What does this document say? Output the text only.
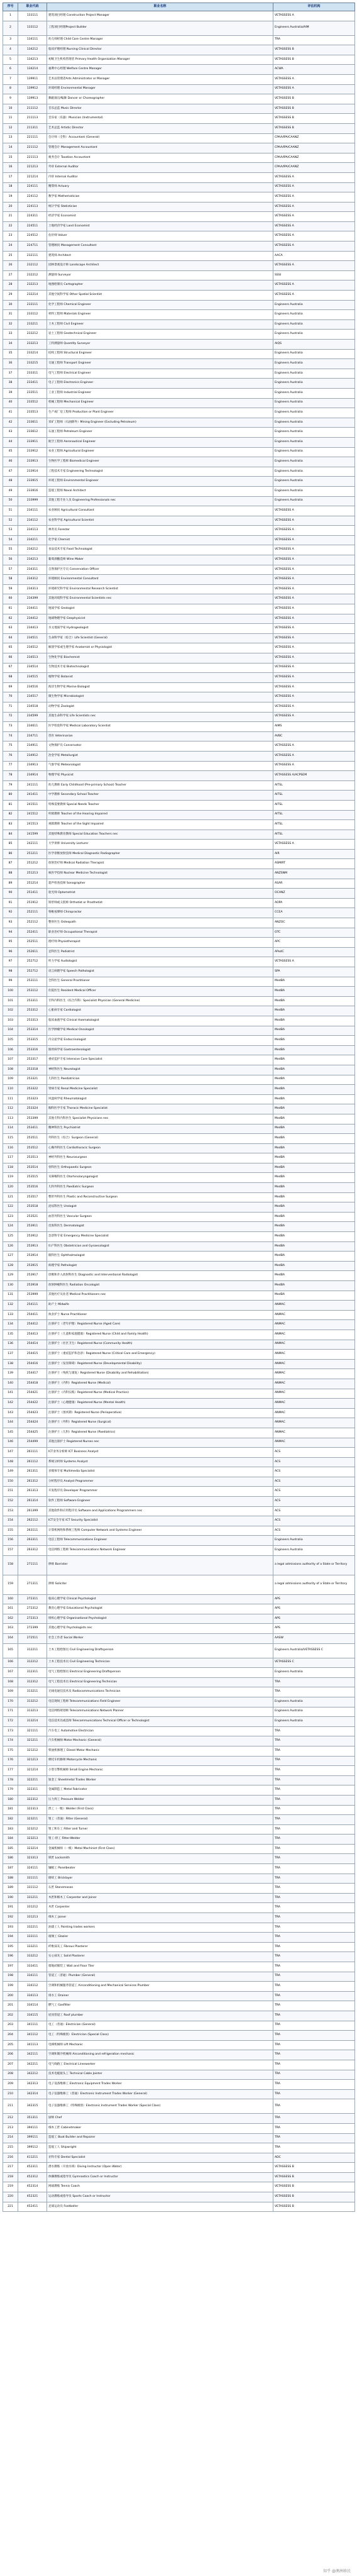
序号	职业代码	职业名称	评估机构
1	133111	建筑项目经理 Construction Project Manager	VETASSESS A
2	133112	工程项目经理Project Builder	Engineers Australia/AIM
3	134111	幼儿师经理 Child Care Centre Manager	TRA
4	134212	临床护理经理 Nursing Clinical Director	VETASSESS B
5	134213	初级卫生机构管理者 Primary Health Organisation Manager	VETASSESS B
6	134214	福利中心经理 Welfare Centre Manager	ACWA
7	139911	艺术品管理者Arts Administrator or Manager	VETASSESS A
8	139912	环境经理 Environmental Manager	VETASSESS A
9	139913	舞蹈演员/编舞 Dancer or Choreographer	VETASSESS B
10	211112	音乐总监 Music Director	VETASSESS B
11	211113	音乐家（乐器）Musician (Instrumental)	VETASSESS B
12	211311	艺术总监 Artistic Director	VETASSESS B
13	221111	会计师（全科）Accountant (General)	CPAA/IPA/CAANZ
14	221112	管理会计 Management Accountant	CPAA/IPA/CAANZ
15	221113	税务会计 Taxation Accountant	CPAA/IPA/CAANZ
16	221213	外审 External Auditor	CPAA/IPA/CAANZ
17	221214	内审 Internal Auditor	VETASSESS A
18	224111	精算师 Actuary	VETASSESS A
19	224112	数学家 Mathematician	VETASSESS A
20	224113	统计学家 Statistician	VETASSESS A
21	224311	经济学家 Economist	VETASSESS A
22	224511	土地经济学家 Land Economist	VETASSESS A
23	224512	估价师 Valuer	VETASSESS A
24	224711	管理顾问 Management Consultant	VETASSESS A
25	232111	建筑师 Architect	AACA
26	232112	园林景观设计师 Landscape Architect	VETASSESS A
27	232212	测量师 Surveyor	SSSI
28	232213	地图绘制员 Cartographer	VETASSESS A
29	232214	其他空间科学家 Other Spatial Scientist	VETASSESS A
30	233111	化学工程师 Chemical Engineer	Engineers Australia
31	233112	材料工程师 Materials Engineer	Engineers Australia
32	233211	土木工程师 Civil Engineer	Engineers Australia
33	233212	岩土工程师 Geotechnical Engineer	Engineers Australia
34	233213	工料测量师 Quantity Surveyor	AIQS
35	233214	结构工程师 Structural Engineer	Engineers Australia
36	233215	交通工程师 Transport Engineer	Engineers Australia
37	233311	电气工程师 Electrical Engineer	Engineers Australia
38	233411	电子工程师 Electronics Engineer	Engineers Australia
39	233511	工业工程师 Industrial Engineer	Engineers Australia
40	233512	机械工程师 Mechanical Engineer	Engineers Australia
41	233513	生产或厂房工程师 Production or Plant Engineer	Engineers Australia
42	233611	采矿工程师（石油除外）Mining Engineer (Excluding Petroleum)	Engineers Australia
43	233612	石油工程师 Petroleum Engineer	Engineers Australia
44	233911	航空工程师 Aeronautical Engineer	Engineers Australia
45	233912	农业工程师 Agricultural Engineer	Engineers Australia
46	233913	生物医学工程师 Biomedical Engineer	Engineers Australia
47	233914	工程技术专家 Engineering Technologist	Engineers Australia
48	233915	环境工程师 Environmental Engineer	Engineers Australia
49	233916	造船工程师 Naval Architect	Engineers Australia
50	233999	其他工程专业人员 Engineering Professionals nec	Engineers Australia
51	234111	农业顾问 Agricultural Consultant	VETASSESS A
52	234112	农业科学家 Agricultural Scientist	VETASSESS A
53	234113	林务员 Forester	VETASSESS A
54	234211	化学家 Chemist	VETASSESS A
55	234212	食品技术专家 Food Technologist	VETASSESS A
56	234213	葡萄酒酿造师 Wine Maker	VETASSESS A
57	234311	自然保护区专员 Conservation Officer	VETASSESS A
58	234312	环境顾问 Environmental Consultant	VETASSESS A
59	234313	环境研究科学家 Environmental Research Scientist	VETASSESS A
60	234399	其他环境科学家 Environmental Scientists nec	VETASSESS A
61	234411	地质学家 Geologist	VETASSESS A
62	234412	地球物理学家 Geophysicist	VETASSESS A
63	234413	水文地质学家 Hydrogeologist	VETASSESS A
64	234511	生命科学家（综合）Life Scientist (General)	VETASSESS A
65	234512	解剖学家或生理学家 Anatomist or Physiologist	VETASSESS A
66	234513	生物化学家 Biochemist	VETASSESS A
67	234514	生物技术专家 Biotechnologist	VETASSESS A
68	234515	植物学家 Botanist	VETASSESS A
69	234516	海洋生物学家 Marine Biologist	VETASSESS A
70	234517	微生物学家 Microbiologist	VETASSESS A
71	234518	动物学家 Zoologist	VETASSESS A
72	234599	其他生命科学家 Life Scientists nec	VETASSESS A
73	234611	医学检验科学家 Medical Laboratory Scientist	AIMS
74	234711	兽医 Veterinarian	AVBC
75	234911	文物保护员 Conservator	VETASSESS A
76	234912	冶金学家 Metallurgist	VETASSESS A
77	234913	气象学家 Meteorologist	VETASSESS A
78	234914	物理学家 Physicist	VETASSESS A/ACPSEM
79	241111	幼儿教师 Early Childhood (Pre-primary School) Teacher	AITSL
80	241411	中学教师 Secondary School Teacher	AITSL
81	241511	特殊需要教师 Special Needs Teacher	AITSL
82	241512	听障教师 Teacher of the Hearing Impaired	AITSL
83	241513	视障教师 Teacher of the Sight Impaired	AITSL
84	241599	其他特殊教育教师 Special Education Teachers nec	AITSL
85	242111	大学讲师 University Lecturer	VETASSESS A
86	251211	医学诊断放射技师 Medical Diagnostic Radiographer	AIR
87	251212	放射治疗师 Medical Radiation Therapist	ASMIRT
88	251213	核医学技师 Nuclear Medicine Technologist	ANZSNM
89	251214	超声检查技师 Sonographer	ASAR
90	251411	验光师 Optometrist	OCANZ
91	251912	矫形师或义肢师 Orthotist or Prosthetist	AOPA
92	252111	脊椎按摩师 Chiropractor	CCEA
93	252112	整骨医生 Osteopath	ANZOC
94	252411	职业治疗师 Occupational Therapist	OTC
95	252511	理疗师 Physiotherapist	APC
96	252611	足科医生 Podiatrist	APodC
97	252712	听力学家 Audiologist	VETASSESS A
98	252712	语言病理学家 Speech Pathologist	SPA
99	253111	全科医生 General Practitioner	MedBA
100	253112	住院医生 Resident Medical Officer	MedBA
101	253311	专科内科医生（综合内科）Specialist Physician (General Medicine)	MedBA
102	253312	心脏病专家 Cardiologist	MedBA
103	253313	临床血液学家 Clinical Haematologist	MedBA
104	253314	医学肿瘤学家 Medical Oncologist	MedBA
105	253315	内分泌学家 Endocrinologist	MedBA
106	253316	肠胃病学家 Gastroenterologist	MedBA
107	253317	重症监护专家 Intensive Care Specialist	MedBA
108	253318	神经科医生 Neurologist	MedBA
109	253321	儿科医生 Paediatrician	MedBA
110	253322	肾病专家 Renal Medicine Specialist	MedBA
111	253323	风湿病学家 Rheumatologist	MedBA
112	253324	胸科医学专家 Thoracic Medicine Specialist	MedBA
113	253399	其他专科内科医生 Specialist Physicians nec	MedBA
114	253411	精神科医生 Psychiatrist	MedBA
115	253511	外科医生（综合）Surgeon (General)	MedBA
116	253512	心胸外科医生 Cardiothoracic Surgeon	MedBA
117	253513	神经外科医生 Neurosurgeon	MedBA
118	253514	骨科医生 Orthopaedic Surgeon	MedBA
119	253515	耳鼻喉科医生 Otorhinolaryngologist	MedBA
120	253516	儿科外科医生 Paediatric Surgeon	MedBA
121	253517	整形外科医生 Plastic and Reconstructive Surgeon	MedBA
122	253518	泌尿科医生 Urologist	MedBA
123	253521	血管外科医生 Vascular Surgeon	MedBA
124	253911	皮肤科医生 Dermatologist	MedBA
125	253912	急诊科专家 Emergency Medicine Specialist	MedBA
126	253913	妇产科医生 Obstetrician and Gynaecologist	MedBA
127	253914	眼科医生 Ophthalmologist	MedBA
128	253915	病理学家 Pathologist	MedBA
129	253917	诊断和介入放射科医生 Diagnostic and Interventional Radiologist	MedBA
130	253918	放射肿瘤科医生 Radiation Oncologist	MedBA
131	253999	其他医疗从业者 Medical Practitioners nec	MedBA
132	254111	助产士 Midwife	ANMAC
133	254411	执业护士 Nurse Practitioner	ANMAC
134	254412	注册护士（老年护理）Registered Nurse (Aged Care)	ANMAC
135	254413	注册护士（儿童和家庭健康）Registered Nurse (Child and Family Health)	ANMAC
136	254414	注册护士（社区卫生）Registered Nurse (Community Health)	ANMAC
137	254415	注册护士（重症监护和急诊）Registered Nurse (Critical Care and Emergency)	ANMAC
138	254416	注册护士（发育障碍）Registered Nurse (Developmental Disability)	ANMAC
139	254417	注册护士（残疾与康复）Registered Nurse (Disability and Rehabilitation)	ANMAC
140	254418	注册护士（内科）Registered Nurse (Medical)	ANMAC
141	254421	注册护士（内科实践）Registered Nurse (Medical Practice)	ANMAC
142	254422	注册护士（心理健康）Registered Nurse (Mental Health)	ANMAC
143	254423	注册护士（围术期）Registered Nurse (Perioperative)	ANMAC
144	254424	注册护士（外科）Registered Nurse (Surgical)	ANMAC
145	254425	注册护士（儿科）Registered Nurse (Paediatrics)	ANMAC
146	254499	其他注册护士 Registered Nurses nec	ANMAC
147	261111	ICT业务分析师 ICT Business Analyst	ACS
148	261112	系统分析师 Systems Analyst	ACS
149	261311	多媒体专家 Multimedia Specialist	ACS
150	261312	分析程序员 Analyst Programmer	ACS
151	261313	开发程序员 Developer Programmer	ACS
152	261314	软件工程师 Software Engineer	ACS
153	261399	其他软件和应用程序员 Software and Applications Programmers nec	ACS
154	262112	ICT安全专家 ICT Security Specialist	ACS
155	263111	计算机网络和系统工程师 Computer Network and Systems Engineer	ACS
156	263311	电信工程师 Telecommunications Engineer	Engineers Australia
157	263312	电信网络工程师 Telecommunications Network Engineer	Engineers Australia
158	271111	律师 Barrister	a legal admissions authority of a State or Territory
159	271311	律师 Solicitor	a legal admissions authority of a State or Territory
160	272311	临床心理学家 Clinical Psychologist	APS
161	272312	教育心理学家 Educational Psychologist	APS
162	272313	组织心理学家 Organisational Psychologist	APS
163	272399	其他心理学家 Psychologists nec	APS
164	272511	社会工作者 Social Worker	AASW
165	312211	土木工程绘图员 Civil Engineering Draftsperson	Engineers Australia/VETASSESS C
166	312212	土木工程技术员 Civil Engineering Technician	VETASSESS C
167	312311	电气工程绘图员 Electrical Engineering Draftsperson	Engineers Australia
168	312312	电气工程技术员 Electrical Engineering Technician	TRA
169	313211	无线电通信技术员 Radiocommunications Technician	TRA
170	313212	电信现场工程师 Telecommunications Field Engineer	Engineers Australia
171	313213	电信网络规划师 Telecommunications Network Planner	Engineers Australia
172	313214	电信技术员或技师 Telecommunications Technical Officer or Technologist	Engineers Australia
173	321111	汽车电工 Automotive Electrician	TRA
174	321211	汽车机械师 Motor Mechanic (General)	TRA
175	321212	柴油机修理工 Diesel Motor Mechanic	TRA
176	321213	摩托车机修师 Motorcycle Mechanic	TRA
177	321214	小型引擎机械师 Small Engine Mechanic	TRA
178	322211	钣金工 Sheetmetal Trades Worker	TRA
179	322311	金属制造工 Metal Fabricator	TRA
180	322312	压力焊工 Pressure Welder	TRA
181	322313	焊工（一级）Welder (First Class)	TRA
182	323211	钳工（普通）Fitter (General)	TRA
183	323212	钳工和车工 Fitter and Turner	TRA
184	323213	钳工-焊工 Fitter-Welder	TRA
185	323214	金属机械师（一级）Metal Machinist (First Class)	TRA
186	323313	锁匠 Locksmith	TRA
187	324111	镶板工 Panelbeater	TRA
188	331111	砌砖工 Bricklayer	TRA
189	331112	石匠 Stonemason	TRA
190	331211	木匠和细木工 Carpenter and Joiner	TRA
191	331212	木匠 Carpenter	TRA
192	331213	细木工 Joiner	TRA
193	332211	油漆工人 Painting trades workers	TRA
194	333111	玻璃工 Glazier	TRA
195	333211	纤维抹灰工 Fibrous Plasterer	TRA
196	333212	实心抹灰工 Solid Plasterer	TRA
197	333411	墙地砖铺装工 Wall and Floor Tiler	TRA
198	334111	管道工（普通）Plumber (General)	TRA
199	334112	空调和机械服务管道工 Airconditioning and Mechanical Services Plumber	TRA
200	334113	排水工 Drainer	TRA
201	334114	燃气工 Gasfitter	TRA
202	334115	屋顶管道工 Roof plumber	TRA
203	341111	电工（普通）Electrician (General)	TRA
204	341112	电工（特殊级别）Electrician (Special Class)	TRA
205	341113	电梯机械师 Lift Mechanic	TRA
206	342111	空调和制冷机械师 Airconditioning and refrigeration mechanic	TRA
207	342211	电气线路工 Electrical Linesworker	TRA
208	342212	技术电缆接头工 Technical Cable Jointer	TRA
209	342313	电子设备维修工 Electronic Equipment Trades Worker	TRA
210	342314	电子仪器维修工（普通）Electronic Instrument Trades Worker (General)	TRA
211	342315	电子仪器维修工（特殊级别）Electronic Instrument Trades Worker (Special Class)	TRA
212	351311	厨师 Chef	TRA
213	394111	细木工匠 Cabinetmaker	TRA
214	399111	造船工 Boat Builder and Repairer	TRA
215	399112	造船工人 Shipwright	TRA
216	411211	牙科专家 Dental Specialist	ADC
217	452311	潜水教练（开放水域）Diving Instructor (Open Water)	VETASSESS B
218	452312	体操教练或指导员 Gymnastics Coach or Instructor	VETASSESS B
219	452314	网球教练 Tennis Coach	VETASSESS B
220	452321	运动教练或指导员 Sports Coach or Instructor	VETASSESS B
221	452411	足球运动员 Footballer	VETASSESS B
知乎 @澳洲移民
